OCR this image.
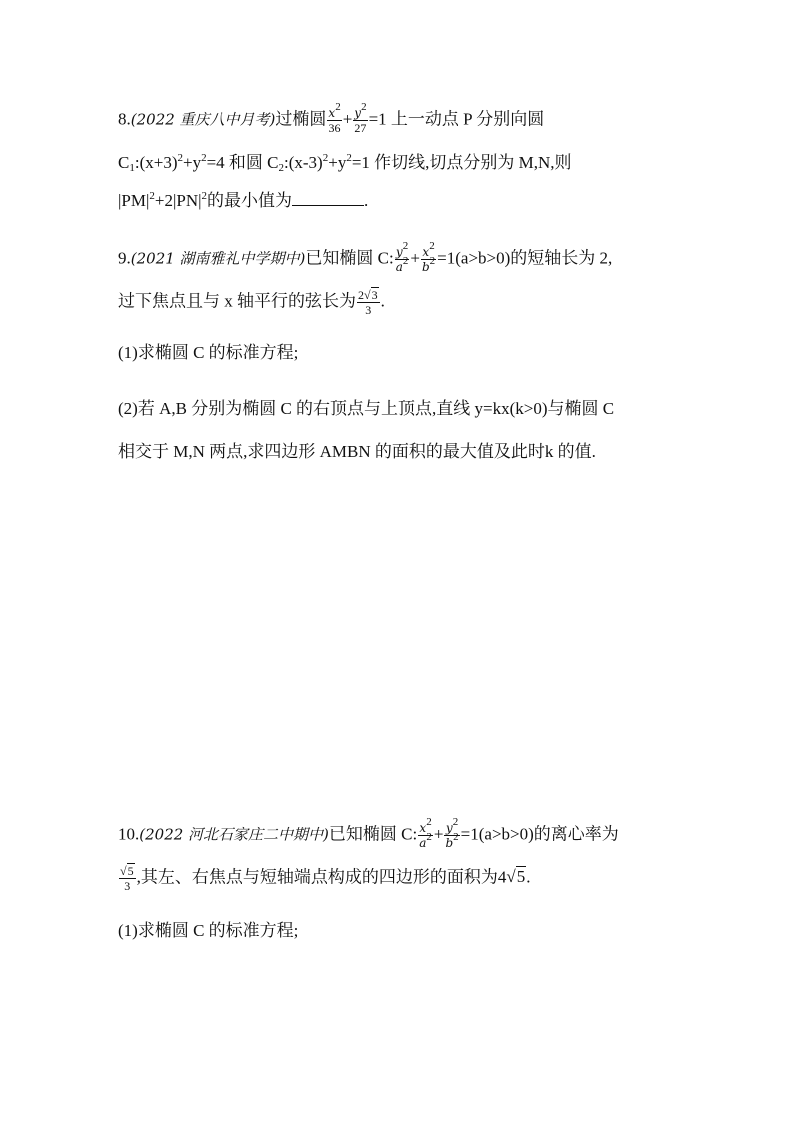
8.(2022 重庆八中月考)过椭圆 $\frac{x^2}{36} + \frac{y^2}{27} =1$ 上一动点 P 分别向圆
$C_1:(x+3)^2+y^2=4$ 和圆 $C_2:(x-3)^2+y^2=1$ 作切线,切点分别为 M,N,则
$|PM|^2+2|PN|^2$的最小值为	.
9.(2021 湖南雅礼中学期中)已知椭圆 C: $\frac{y^2}{a^2} + \frac{x^2}{b^2} =1(a>b>0)$的短轴长为 2,
过下焦点且与 x 轴平行的弦长为 $\frac{2√3}{3}$ .
(1)求椭圆 C 的标准方程;
(2)若 A,B 分别为椭圆 C 的右顶点与上顶点,直线 y=kx(k>0)与椭圆 C
相交于 M,N 两点,求四边形 AMBN 的面积的最大值及此时k 的值.
10.(2022 河北石家庄二中期中)已知椭圆 C: $\frac{x^2}{a^2} + \frac{y^2}{b^2} =1(a>b>0)$的离心率为
$\frac{√5}{3}$ ,其左、右焦点与短轴端点构成的四边形的面积为4√5.
(1)求椭圆 C 的标准方程;
